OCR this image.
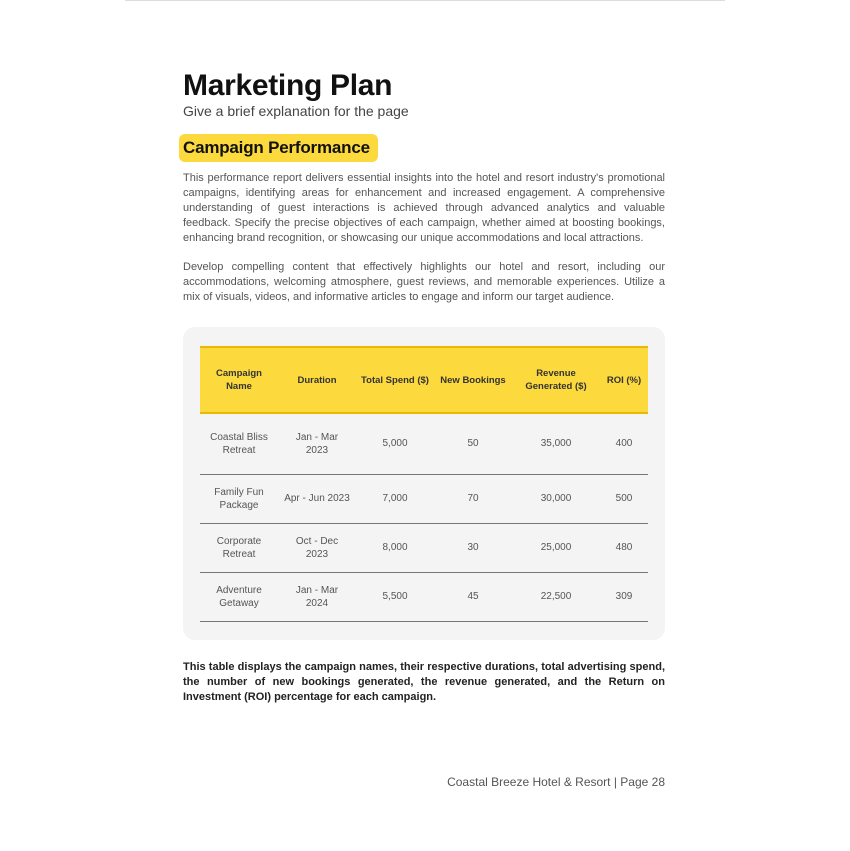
Marketing Plan
Give a brief explanation for the page
Campaign Performance
This performance report delivers essential insights into the hotel and resort industry's promotional campaigns, identifying areas for enhancement and increased engagement. A comprehensive understanding of guest interactions is achieved through advanced analytics and valuable feedback. Specify the precise objectives of each campaign, whether aimed at boosting bookings, enhancing brand recognition, or showcasing our unique accommodations and local attractions.
Develop compelling content that effectively highlights our hotel and resort, including our accommodations, welcoming atmosphere, guest reviews, and memorable experiences. Utilize a mix of visuals, videos, and informative articles to engage and inform our target audience.
Campaign Name	Duration	Total Spend ($)	New Bookings	Revenue Generated ($)	ROI (%)
Coastal Bliss Retreat	Jan - Mar 2023	5,000	50	35,000	400
Family Fun Package	Apr - Jun 2023	7,000	70	30,000	500
Corporate Retreat	Oct - Dec 2023	8,000	30	25,000	480
Adventure Getaway	Jan - Mar 2024	5,500	45	22,500	309
This table displays the campaign names, their respective durations, total advertising spend, the number of new bookings generated, the revenue generated, and the Return on Investment (ROI) percentage for each campaign.
Coastal Breeze Hotel & Resort | Page 28
